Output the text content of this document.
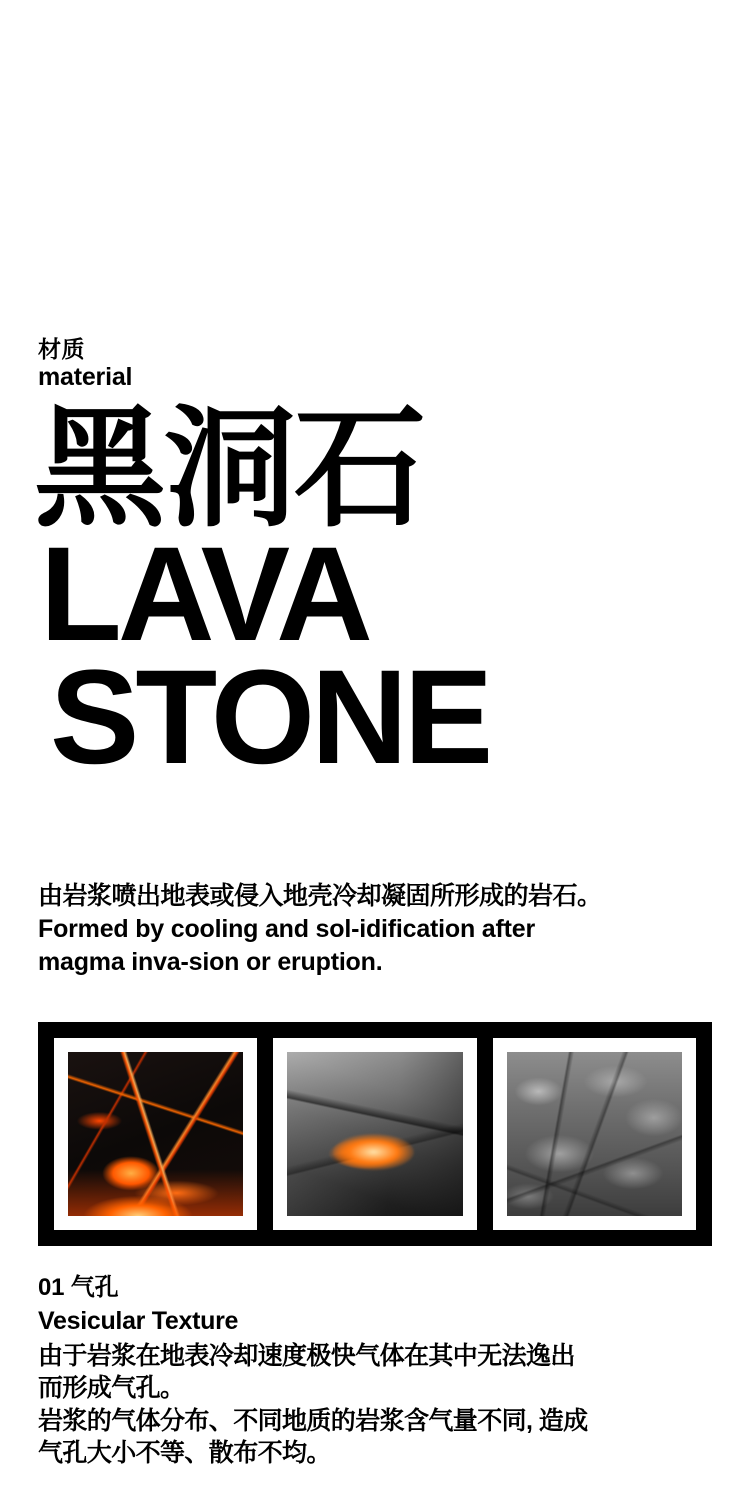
材质
material
黑洞石
LAVA
STONE
由岩浆喷出地表或侵入地壳冷却凝固所形成的岩石。
Formed by cooling and sol-idification after
magma inva-sion or eruption.
01 气孔
Vesicular Texture

由于岩浆在地表冷却速度极快气体在其中无法逸出

而形成气孔。

岩浆的气体分布、不同地质的岩浆含气量不同, 造成

气孔大小不等、散布不均。
